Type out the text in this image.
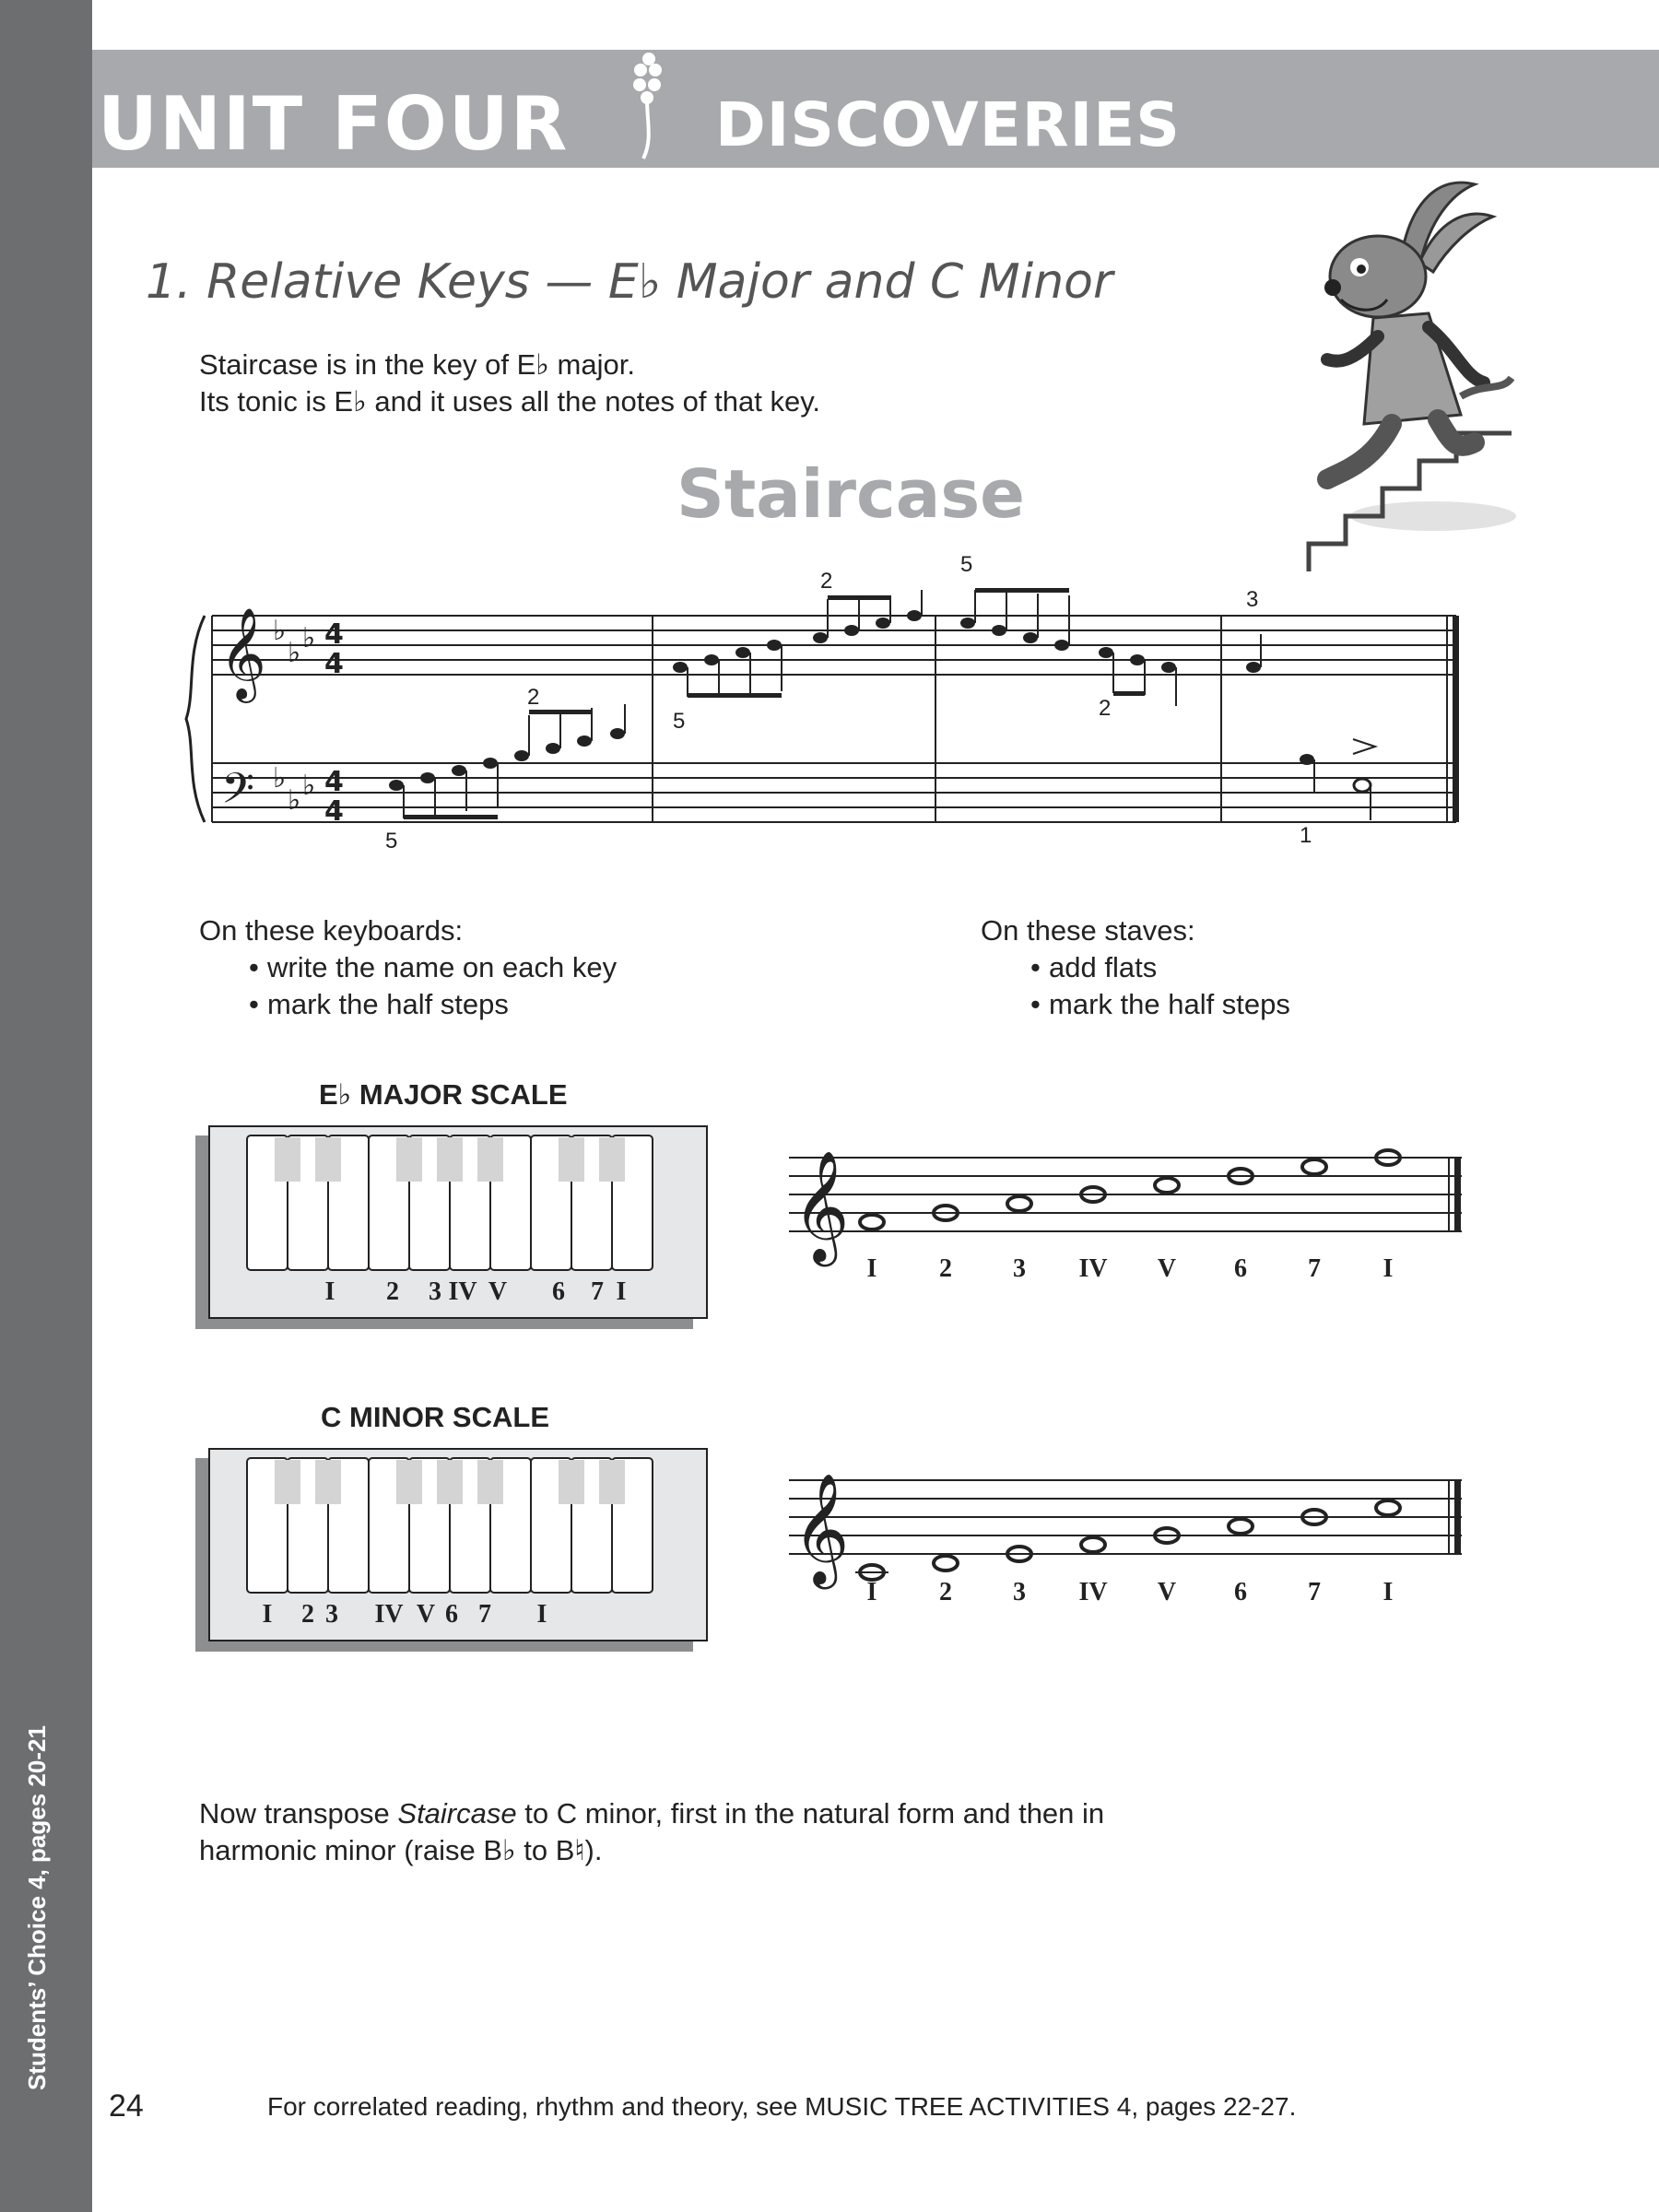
Students’ Choice 4, pages 20-21
UNIT FOUR DISCOVERIES
1. Relative Keys — E♭ Major and C Minor
Staircase is in the key of E♭ major.
Its tonic is E♭ and it uses all the notes of that key.
Staircase
𝄞
𝄢
♭
♭ ♭
♭
♭ ♭
4
4
4
4
2
5
2
5
2
3
1
5
On these keyboards:
• write the name on each key
• mark the half steps
On these staves:
• add flats
• mark the half steps
E♭ MAJOR SCALE
I 2 3 IV V 6 7 I
𝄞
I 2 3 IV V 6 7 I
C MINOR SCALE
I 2 3 IV V 6 7 I
𝄞
I 2 3 IV V 6 7 I
Now transpose Staircase to C minor, first in the natural form and then in
harmonic minor (raise B♭ to B♮).
24	For correlated reading, rhythm and theory, see MUSIC TREE ACTIVITIES 4, pages 22-27.
